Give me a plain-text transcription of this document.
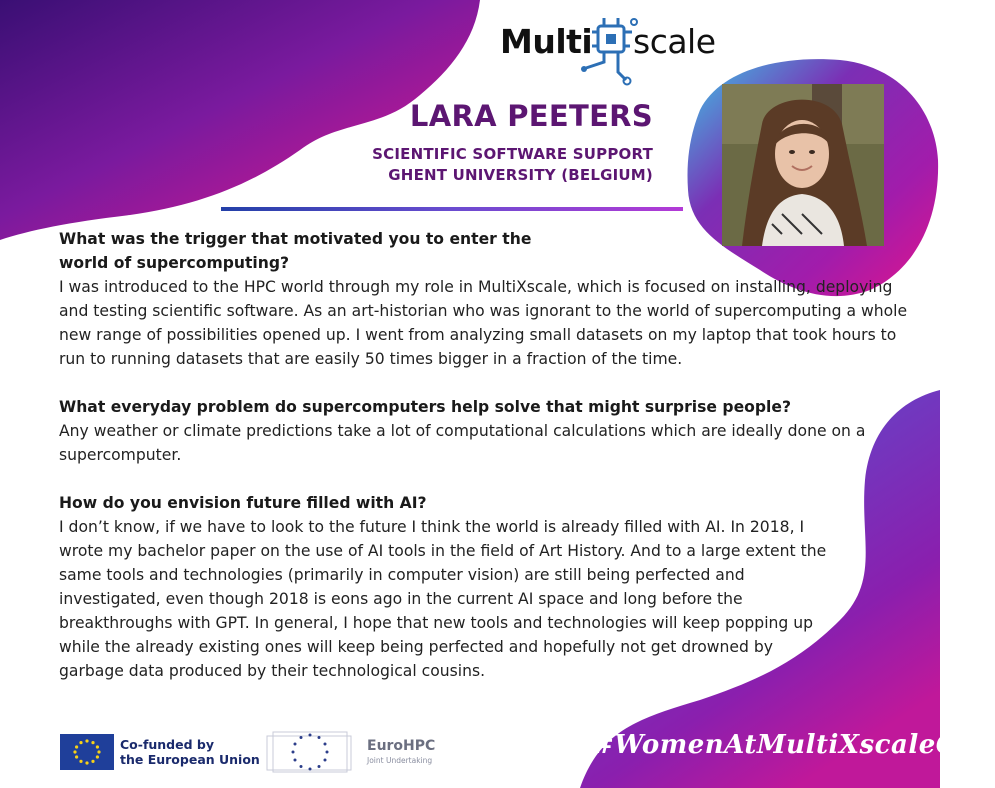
Multi scale
LARA PEETERS
SCIENTIFIC SOFTWARE SUPPORT
GHENT UNIVERSITY (BELGIUM)

What was the trigger that motivated you to enter the world of supercomputing?

I was introduced to the HPC world through my role in MultiXscale, which is focused on installing, deploying and testing scientific software. As an art-historian who was ignorant to the world of supercomputing a whole new range of possibilities opened up. I went from analyzing small datasets on my laptop that took hours to run to running datasets that are easily 50 times bigger in a fraction of the time.

What everyday problem do supercomputers help solve that might surprise people?

Any weather or climate predictions take a lot of computational calculations which are ideally done on a supercomputer.

How do you envision future filled with AI?

I don’t know, if we have to look to the future I think the world is already filled with AI. In 2018, I wrote my bachelor paper on the use of AI tools in the field of Art History. And to a large extent the same tools and technologies (primarily in computer vision) are still being perfected and investigated, even though 2018 is eons ago in the current AI space and long before the breakthroughs with GPT. In general, I hope that new tools and technologies will keep popping up while the already existing ones will keep being perfected and hopefully not get drowned by garbage data produced by their technological cousins.

Co-funded by
the European Union
EuroHPC
Joint Undertaking
#WomenAtMultiXscaleCoE
